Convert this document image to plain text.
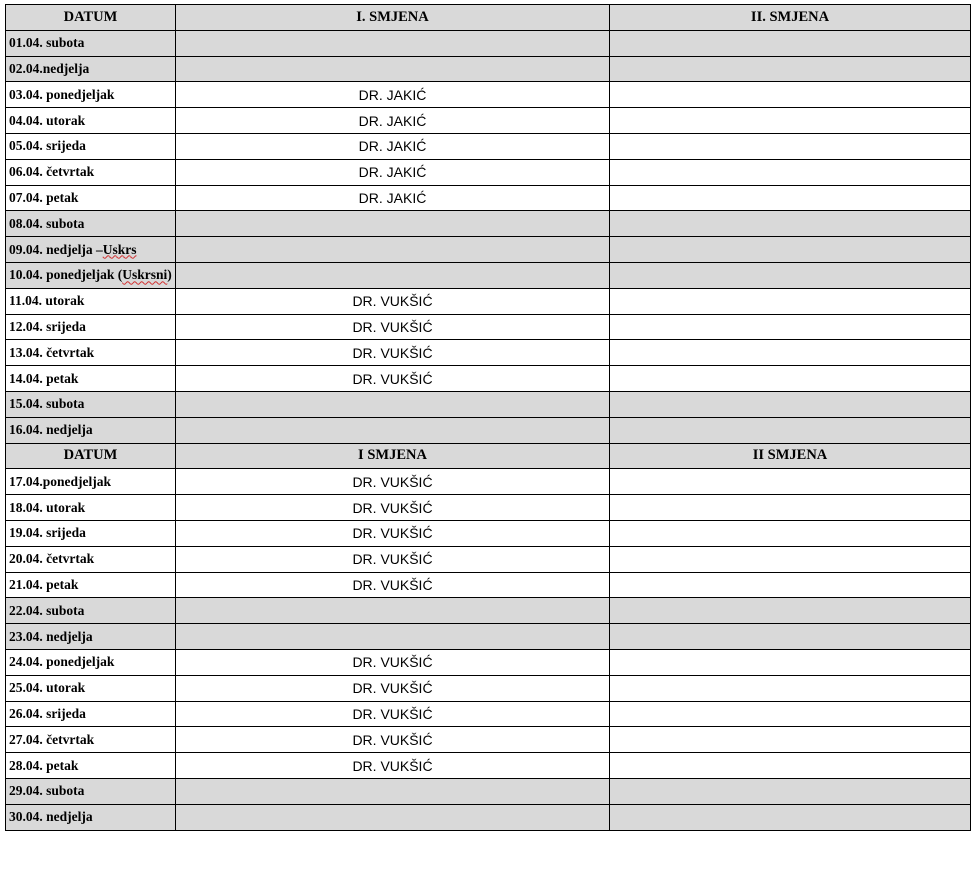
DATUM	I. SMJENA	II. SMJENA
01.04. subota		
02.04.nedjelja		
03.04. ponedjeljak	DR. JAKIĆ	
04.04. utorak	DR. JAKIĆ	
05.04. srijeda	DR. JAKIĆ	
06.04. četvrtak	DR. JAKIĆ	
07.04. petak	DR. JAKIĆ	
08.04. subota		
09.04. nedjelja –Uskrs		
10.04. ponedjeljak (Uskrsni)		
11.04. utorak	DR. VUKŠIĆ	
12.04. srijeda	DR. VUKŠIĆ	
13.04. četvrtak	DR. VUKŠIĆ	
14.04. petak	DR. VUKŠIĆ	
15.04. subota		
16.04. nedjelja		
DATUM	I SMJENA	II SMJENA
17.04.ponedjeljak	DR. VUKŠIĆ	
18.04. utorak	DR. VUKŠIĆ	
19.04. srijeda	DR. VUKŠIĆ	
20.04. četvrtak	DR. VUKŠIĆ	
21.04. petak	DR. VUKŠIĆ	
22.04. subota		
23.04. nedjelja		
24.04. ponedjeljak	DR. VUKŠIĆ	
25.04. utorak	DR. VUKŠIĆ	
26.04. srijeda	DR. VUKŠIĆ	
27.04. četvrtak	DR. VUKŠIĆ	
28.04. petak	DR. VUKŠIĆ	
29.04. subota		
30.04. nedjelja		
